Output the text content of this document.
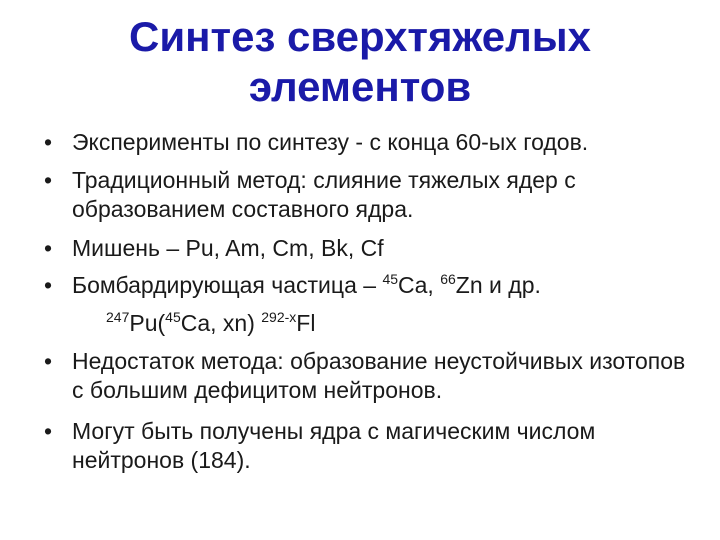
Синтез сверхтяжелых
элементов
• Эксперименты по синтезу - с конца 60-ых годов.
• Традиционный метод: слияние тяжелых ядер с образованием составного ядра.
• Мишень – Pu, Am, Cm, Bk, Cf
• Бомбардирующая частица – $^{45}$Ca, $^{66}$Zn и др.
• Недостаток метода: образование неустойчивых изотопов с большим дефицитом нейтронов.
• Могут быть получены ядра с магическим числом нейтронов (184).
$^{247}$Pu($^{45}$Ca, xn) $^{292-x}$Fl
